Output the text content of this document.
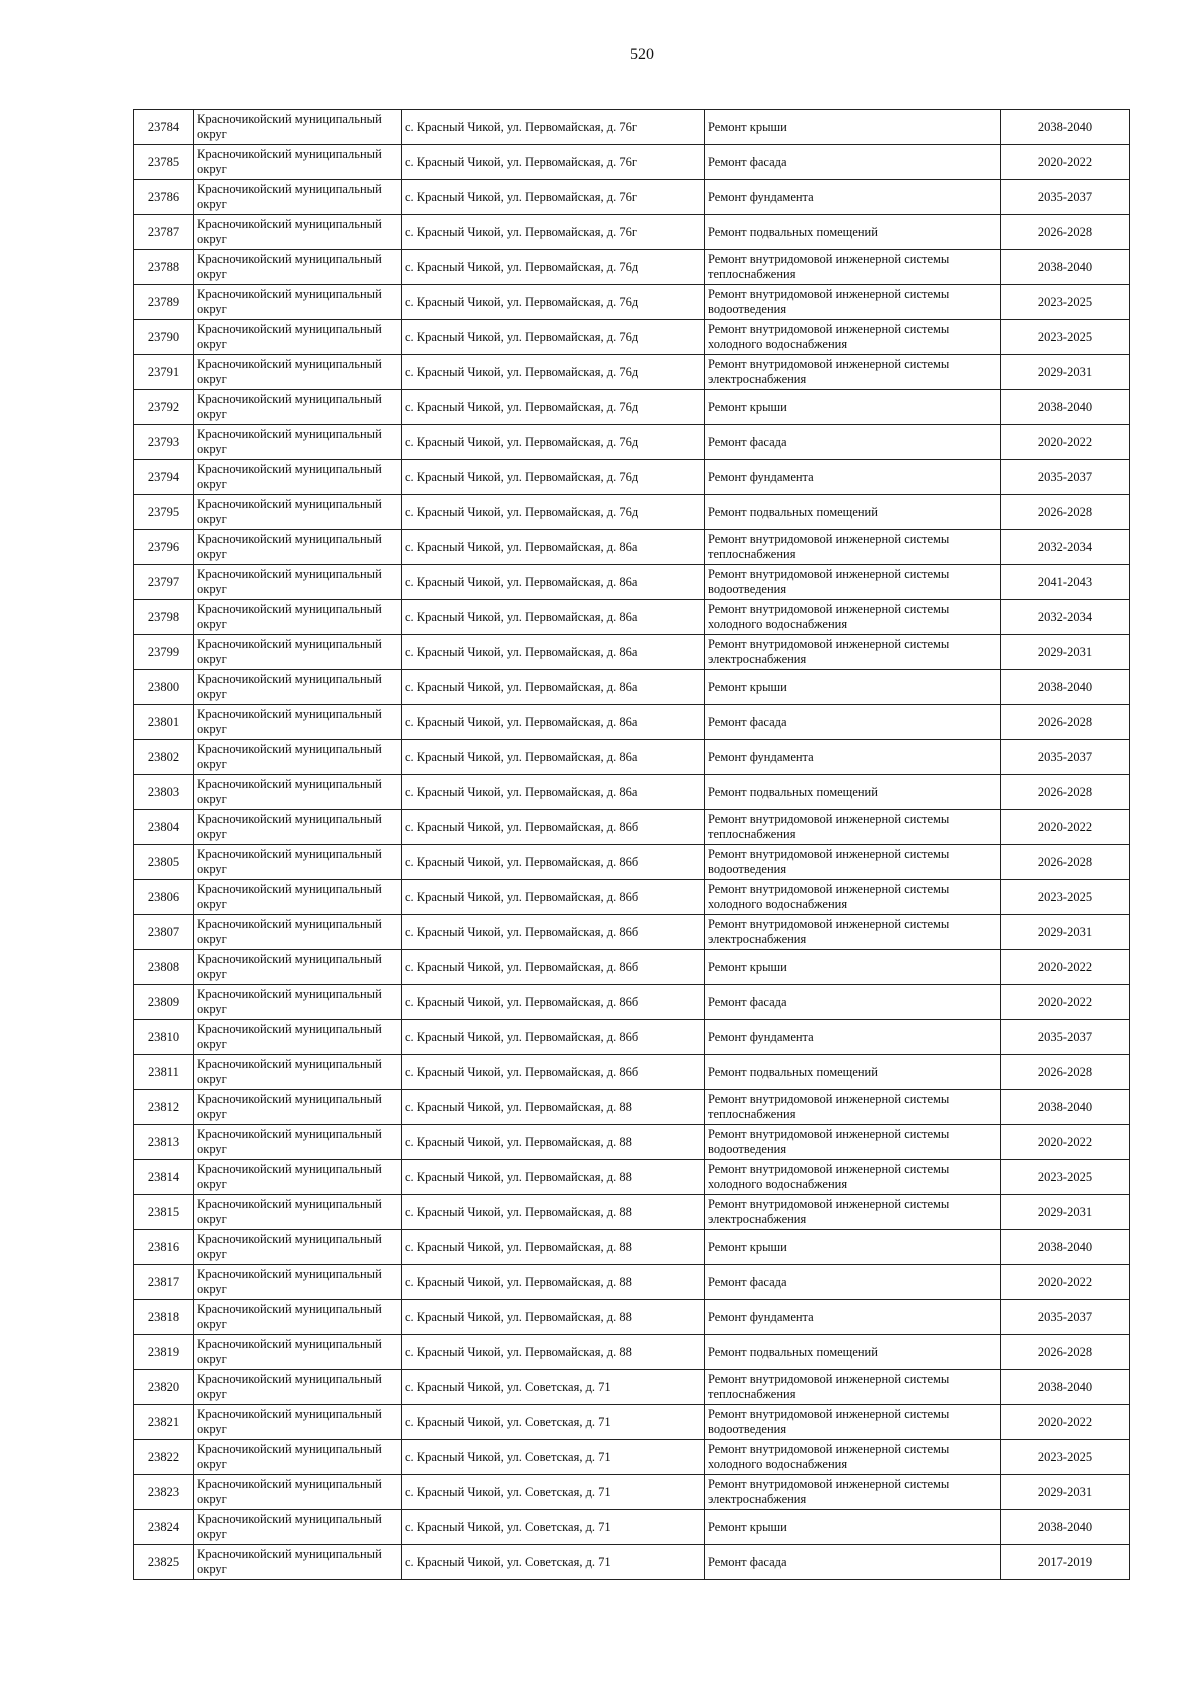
520
23784	Красночикойский муниципальный округ	с. Красный Чикой, ул. Первомайская, д. 76г	Ремонт крыши	2038-2040
23785	Красночикойский муниципальный округ	с. Красный Чикой, ул. Первомайская, д. 76г	Ремонт фасада	2020-2022
23786	Красночикойский муниципальный округ	с. Красный Чикой, ул. Первомайская, д. 76г	Ремонт фундамента	2035-2037
23787	Красночикойский муниципальный округ	с. Красный Чикой, ул. Первомайская, д. 76г	Ремонт подвальных помещений	2026-2028
23788	Красночикойский муниципальный округ	с. Красный Чикой, ул. Первомайская, д. 76д	Ремонт внутридомовой инженерной системы теплоснабжения	2038-2040
23789	Красночикойский муниципальный округ	с. Красный Чикой, ул. Первомайская, д. 76д	Ремонт внутридомовой инженерной системы водоотведения	2023-2025
23790	Красночикойский муниципальный округ	с. Красный Чикой, ул. Первомайская, д. 76д	Ремонт внутридомовой инженерной системы холодного водоснабжения	2023-2025
23791	Красночикойский муниципальный округ	с. Красный Чикой, ул. Первомайская, д. 76д	Ремонт внутридомовой инженерной системы электроснабжения	2029-2031
23792	Красночикойский муниципальный округ	с. Красный Чикой, ул. Первомайская, д. 76д	Ремонт крыши	2038-2040
23793	Красночикойский муниципальный округ	с. Красный Чикой, ул. Первомайская, д. 76д	Ремонт фасада	2020-2022
23794	Красночикойский муниципальный округ	с. Красный Чикой, ул. Первомайская, д. 76д	Ремонт фундамента	2035-2037
23795	Красночикойский муниципальный округ	с. Красный Чикой, ул. Первомайская, д. 76д	Ремонт подвальных помещений	2026-2028
23796	Красночикойский муниципальный округ	с. Красный Чикой, ул. Первомайская, д. 86а	Ремонт внутридомовой инженерной системы теплоснабжения	2032-2034
23797	Красночикойский муниципальный округ	с. Красный Чикой, ул. Первомайская, д. 86а	Ремонт внутридомовой инженерной системы водоотведения	2041-2043
23798	Красночикойский муниципальный округ	с. Красный Чикой, ул. Первомайская, д. 86а	Ремонт внутридомовой инженерной системы холодного водоснабжения	2032-2034
23799	Красночикойский муниципальный округ	с. Красный Чикой, ул. Первомайская, д. 86а	Ремонт внутридомовой инженерной системы электроснабжения	2029-2031
23800	Красночикойский муниципальный округ	с. Красный Чикой, ул. Первомайская, д. 86а	Ремонт крыши	2038-2040
23801	Красночикойский муниципальный округ	с. Красный Чикой, ул. Первомайская, д. 86а	Ремонт фасада	2026-2028
23802	Красночикойский муниципальный округ	с. Красный Чикой, ул. Первомайская, д. 86а	Ремонт фундамента	2035-2037
23803	Красночикойский муниципальный округ	с. Красный Чикой, ул. Первомайская, д. 86а	Ремонт подвальных помещений	2026-2028
23804	Красночикойский муниципальный округ	с. Красный Чикой, ул. Первомайская, д. 86б	Ремонт внутридомовой инженерной системы теплоснабжения	2020-2022
23805	Красночикойский муниципальный округ	с. Красный Чикой, ул. Первомайская, д. 86б	Ремонт внутридомовой инженерной системы водоотведения	2026-2028
23806	Красночикойский муниципальный округ	с. Красный Чикой, ул. Первомайская, д. 86б	Ремонт внутридомовой инженерной системы холодного водоснабжения	2023-2025
23807	Красночикойский муниципальный округ	с. Красный Чикой, ул. Первомайская, д. 86б	Ремонт внутридомовой инженерной системы электроснабжения	2029-2031
23808	Красночикойский муниципальный округ	с. Красный Чикой, ул. Первомайская, д. 86б	Ремонт крыши	2020-2022
23809	Красночикойский муниципальный округ	с. Красный Чикой, ул. Первомайская, д. 86б	Ремонт фасада	2020-2022
23810	Красночикойский муниципальный округ	с. Красный Чикой, ул. Первомайская, д. 86б	Ремонт фундамента	2035-2037
23811	Красночикойский муниципальный округ	с. Красный Чикой, ул. Первомайская, д. 86б	Ремонт подвальных помещений	2026-2028
23812	Красночикойский муниципальный округ	с. Красный Чикой, ул. Первомайская, д. 88	Ремонт внутридомовой инженерной системы теплоснабжения	2038-2040
23813	Красночикойский муниципальный округ	с. Красный Чикой, ул. Первомайская, д. 88	Ремонт внутридомовой инженерной системы водоотведения	2020-2022
23814	Красночикойский муниципальный округ	с. Красный Чикой, ул. Первомайская, д. 88	Ремонт внутридомовой инженерной системы холодного водоснабжения	2023-2025
23815	Красночикойский муниципальный округ	с. Красный Чикой, ул. Первомайская, д. 88	Ремонт внутридомовой инженерной системы электроснабжения	2029-2031
23816	Красночикойский муниципальный округ	с. Красный Чикой, ул. Первомайская, д. 88	Ремонт крыши	2038-2040
23817	Красночикойский муниципальный округ	с. Красный Чикой, ул. Первомайская, д. 88	Ремонт фасада	2020-2022
23818	Красночикойский муниципальный округ	с. Красный Чикой, ул. Первомайская, д. 88	Ремонт фундамента	2035-2037
23819	Красночикойский муниципальный округ	с. Красный Чикой, ул. Первомайская, д. 88	Ремонт подвальных помещений	2026-2028
23820	Красночикойский муниципальный округ	с. Красный Чикой, ул. Советская, д. 71	Ремонт внутридомовой инженерной системы теплоснабжения	2038-2040
23821	Красночикойский муниципальный округ	с. Красный Чикой, ул. Советская, д. 71	Ремонт внутридомовой инженерной системы водоотведения	2020-2022
23822	Красночикойский муниципальный округ	с. Красный Чикой, ул. Советская, д. 71	Ремонт внутридомовой инженерной системы холодного водоснабжения	2023-2025
23823	Красночикойский муниципальный округ	с. Красный Чикой, ул. Советская, д. 71	Ремонт внутридомовой инженерной системы электроснабжения	2029-2031
23824	Красночикойский муниципальный округ	с. Красный Чикой, ул. Советская, д. 71	Ремонт крыши	2038-2040
23825	Красночикойский муниципальный округ	с. Красный Чикой, ул. Советская, д. 71	Ремонт фасада	2017-2019
